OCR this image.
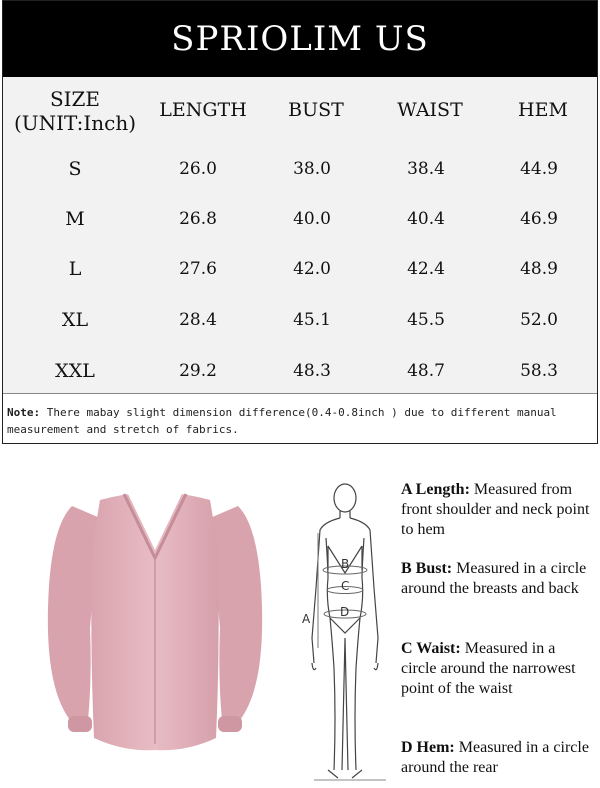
SPRIOLIM US
SIZE
(UNIT:Inch)
LENGTH BUST	WAIST	HEM
S	26.0	38.0	38.4	44.9
M	26.8	40.0	40.4	46.9
L	27.6	42.0	42.4	48.9
XL	28.4	45.1	45.5	52.0
XXL	29.2	48.3	48.7	58.3
Note: There mabay slight dimension difference(0.4-0.8inch ) due to different manual measurement and stretch of fabrics.
B
C
D
A
A Length: Measured from front shoulder and neck point to hem
B Bust: Measured in a circle around the breasts and back
C Waist: Measured in a circle around the narrowest point of the waist
D Hem: Measured in a circle around the rear
